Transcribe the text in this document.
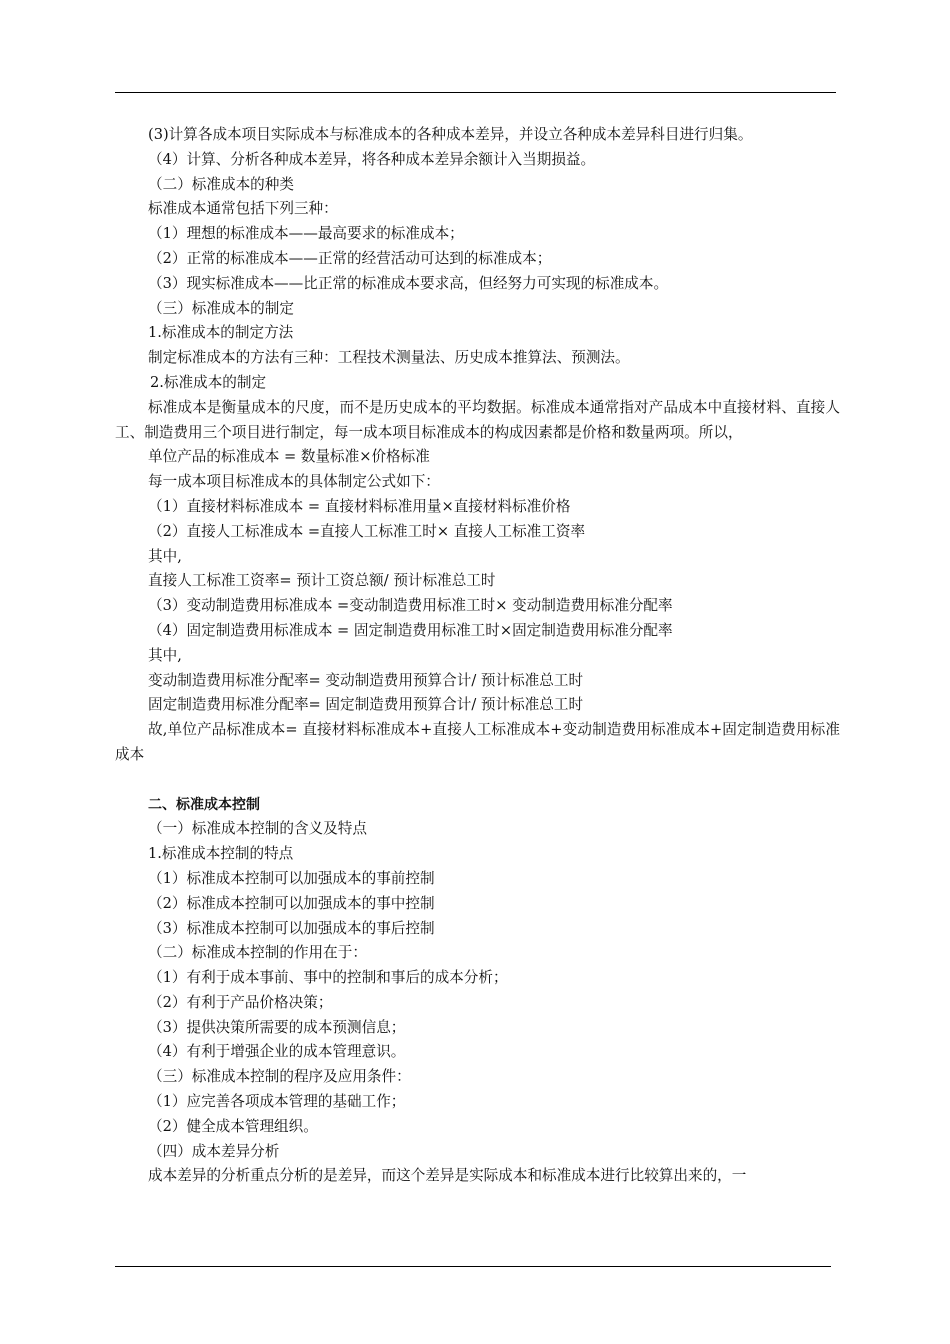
(3)计算各成本项目实际成本与标准成本的各种成本差异，并设立各种成本差异科目进行归集。

（4）计算、分析各种成本差异，将各种成本差异余额计入当期损益。

（二）标准成本的种类

标准成本通常包括下列三种：

（1）理想的标准成本——最高要求的标准成本；

（2）正常的标准成本——正常的经营活动可达到的标准成本；

（3）现实标准成本——比正常的标准成本要求高，但经努力可实现的标准成本。

（三）标准成本的制定

1.标准成本的制定方法

制定标准成本的方法有三种：工程技术测量法、历史成本推算法、预测法。

2.标准成本的制定

标准成本是衡量成本的尺度，而不是历史成本的平均数据。标准成本通常指对产品成本中直接材料、直接人工、制造费用三个项目进行制定，每一成本项目标准成本的构成因素都是价格和数量两项。所以，

单位产品的标准成本 = 数量标准×价格标准

每一成本项目标准成本的具体制定公式如下：

（1）直接材料标准成本 = 直接材料标准用量×直接材料标准价格

（2）直接人工标准成本 =直接人工标准工时× 直接人工标准工资率

其中,

直接人工标准工资率= 预计工资总额/ 预计标准总工时

（3）变动制造费用标准成本 =变动制造费用标准工时× 变动制造费用标准分配率

（4）固定制造费用标准成本 = 固定制造费用标准工时×固定制造费用标准分配率

其中,

变动制造费用标准分配率= 变动制造费用预算合计/ 预计标准总工时

固定制造费用标准分配率= 固定制造费用预算合计/ 预计标准总工时

故,单位产品标准成本= 直接材料标准成本+直接人工标准成本+变动制造费用标准成本+固定制造费用标准成本

二、标准成本控制

（一）标准成本控制的含义及特点

1.标准成本控制的特点

（1）标准成本控制可以加强成本的事前控制

（2）标准成本控制可以加强成本的事中控制

（3）标准成本控制可以加强成本的事后控制

（二）标准成本控制的作用在于：

（1）有利于成本事前、事中的控制和事后的成本分析；

（2）有利于产品价格决策；

（3）提供决策所需要的成本预测信息；

（4）有利于增强企业的成本管理意识。

（三）标准成本控制的程序及应用条件：

（1）应完善各项成本管理的基础工作；

（2）健全成本管理组织。

（四）成本差异分析

成本差异的分析重点分析的是差异，而这个差异是实际成本和标准成本进行比较算出来的，一
